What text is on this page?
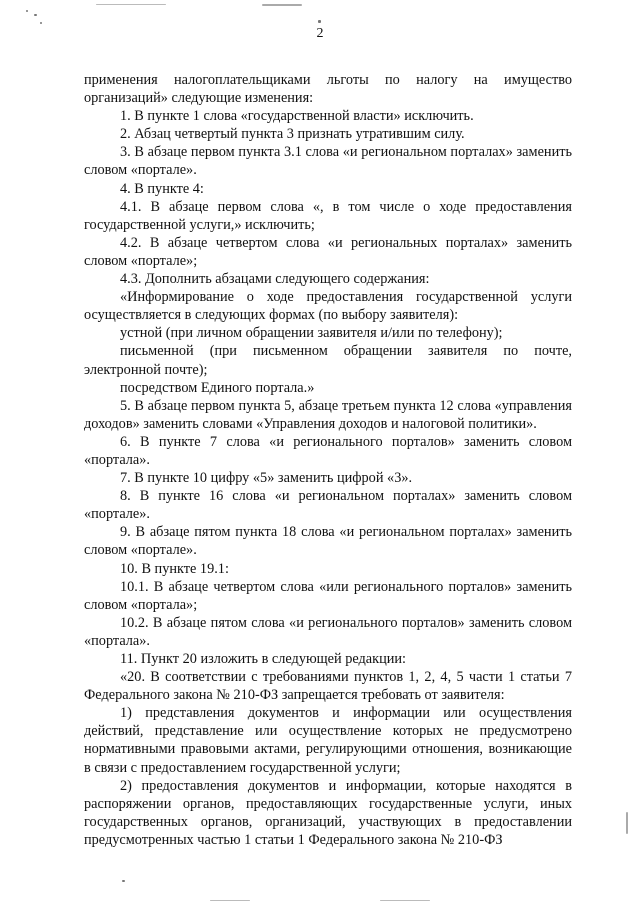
2

применения налогоплательщиками льготы по налогу на имущество организаций» следующие изменения:

1. В пункте 1 слова «государственной власти» исключить.

2. Абзац четвертый пункта 3 признать утратившим силу.

3. В абзаце первом пункта 3.1 слова «и региональном порталах» заменить словом «портале».

4. В пункте 4:

4.1. В абзаце первом слова «, в том числе о ходе предоставления государственной услуги,» исключить;

4.2. В абзаце четвертом слова «и региональных порталах» заменить словом «портале»;

4.3. Дополнить абзацами следующего содержания:

«Информирование о ходе предоставления государственной услуги осуществляется в следующих формах (по выбору заявителя):

устной (при личном обращении заявителя и/или по телефону);

письменной (при письменном обращении заявителя по почте, электронной почте);

посредством Единого портала.»

5. В абзаце первом пункта 5, абзаце третьем пункта 12 слова «управления доходов» заменить словами «Управления доходов и налоговой политики».

6. В пункте 7 слова «и регионального порталов» заменить словом «портала».

7. В пункте 10 цифру «5» заменить цифрой «3».

8. В пункте 16 слова «и региональном порталах» заменить словом «портале».

9. В абзаце пятом пункта 18 слова «и региональном порталах» заменить словом «портале».

10. В пункте 19.1:

10.1. В абзаце четвертом слова «или регионального порталов» заменить словом «портала»;

10.2. В абзаце пятом слова «и регионального порталов» заменить словом «портала».

11. Пункт 20 изложить в следующей редакции:

«20. В соответствии с требованиями пунктов 1, 2, 4, 5 части 1 статьи 7 Федерального закона № 210-ФЗ запрещается требовать от заявителя:

1) представления документов и информации или осуществления действий, представление или осуществление которых не предусмотрено нормативными правовыми актами, регулирующими отношения, возникающие в связи с предоставлением государственной услуги;

2) предоставления документов и информации, которые находятся в распоряжении органов, предоставляющих государственные услуги, иных государственных органов, организаций, участвующих в предоставлении предусмотренных частью 1 статьи 1 Федерального закона № 210-ФЗ
